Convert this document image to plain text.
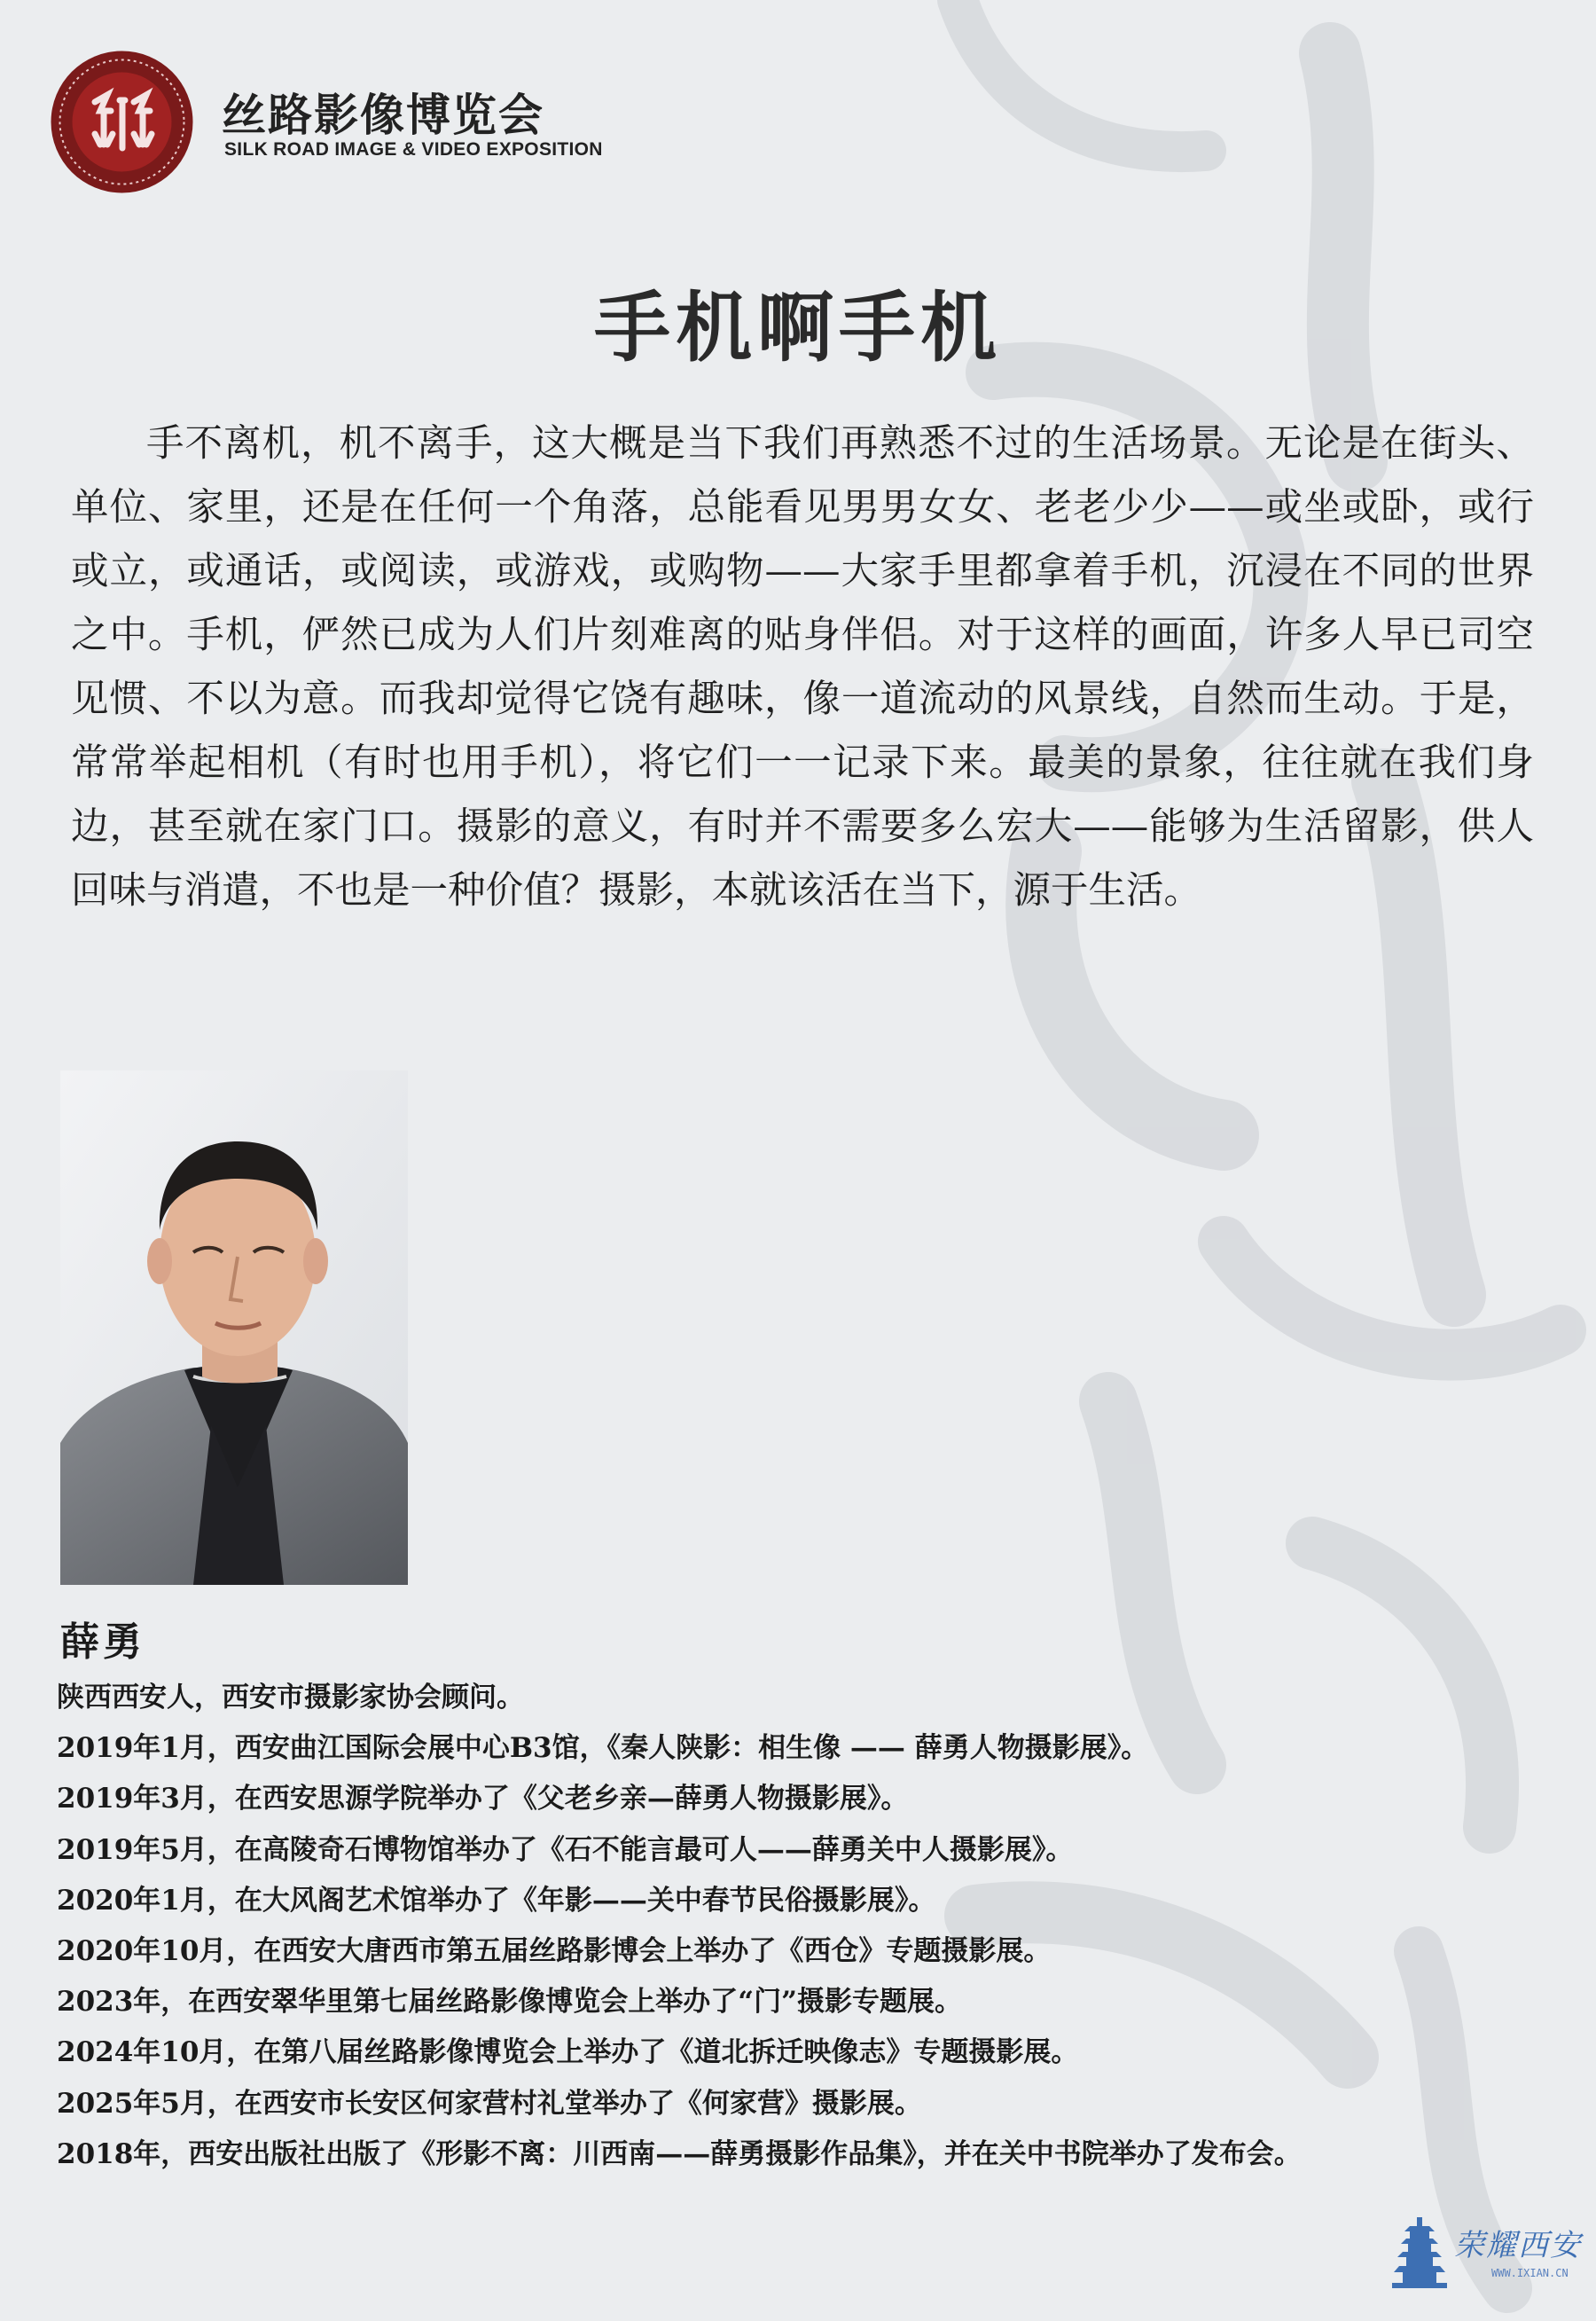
丝路影像博览会
SILK ROAD IMAGE & VIDEO EXPOSITION
手机啊手机

手不离机，机不离手，这大概是当下我们再熟悉不过的生活场景。无论是在街头、单位、家里，还是在任何一个角落，总能看见男男女女、老老少少——或坐或卧，或行或立，或通话，或阅读，或游戏，或购物——大家手里都拿着手机，沉浸在不同的世界之中。手机，俨然已成为人们片刻难离的贴身伴侣。对于这样的画面，许多人早已司空见惯、不以为意。而我却觉得它饶有趣味，像一道流动的风景线，自然而生动。于是，常常举起相机（有时也用手机），将它们一一记录下来。最美的景象，往往就在我们身边，甚至就在家门口。摄影的意义，有时并不需要多么宏大——能够为生活留影，供人回味与消遣，不也是一种价值？摄影，本就该活在当下，源于生活。

薛勇
陕西西安人，西安市摄影家协会顾问。
2019年1月，西安曲江国际会展中心B3馆，《秦人陕影：相生像 —— 薛勇人物摄影展》。
2019年3月，在西安思源学院举办了《父老乡亲—薛勇人物摄影展》。
2019年5月，在高陵奇石博物馆举办了《石不能言最可人——薛勇关中人摄影展》。
2020年1月，在大风阁艺术馆举办了《年影——关中春节民俗摄影展》。
2020年10月，在西安大唐西市第五届丝路影博会上举办了《西仓》专题摄影展。
2023年，在西安翠华里第七届丝路影像博览会上举办了“门”摄影专题展。
2024年10月，在第八届丝路影像博览会上举办了《道北拆迁映像志》专题摄影展。
2025年5月，在西安市长安区何家营村礼堂举办了《何家营》摄影展。
2018年，西安出版社出版了《形影不离：川西南——薛勇摄影作品集》，并在关中书院举办了发布会。
荣耀西安
WWW.IXIAN.CN
